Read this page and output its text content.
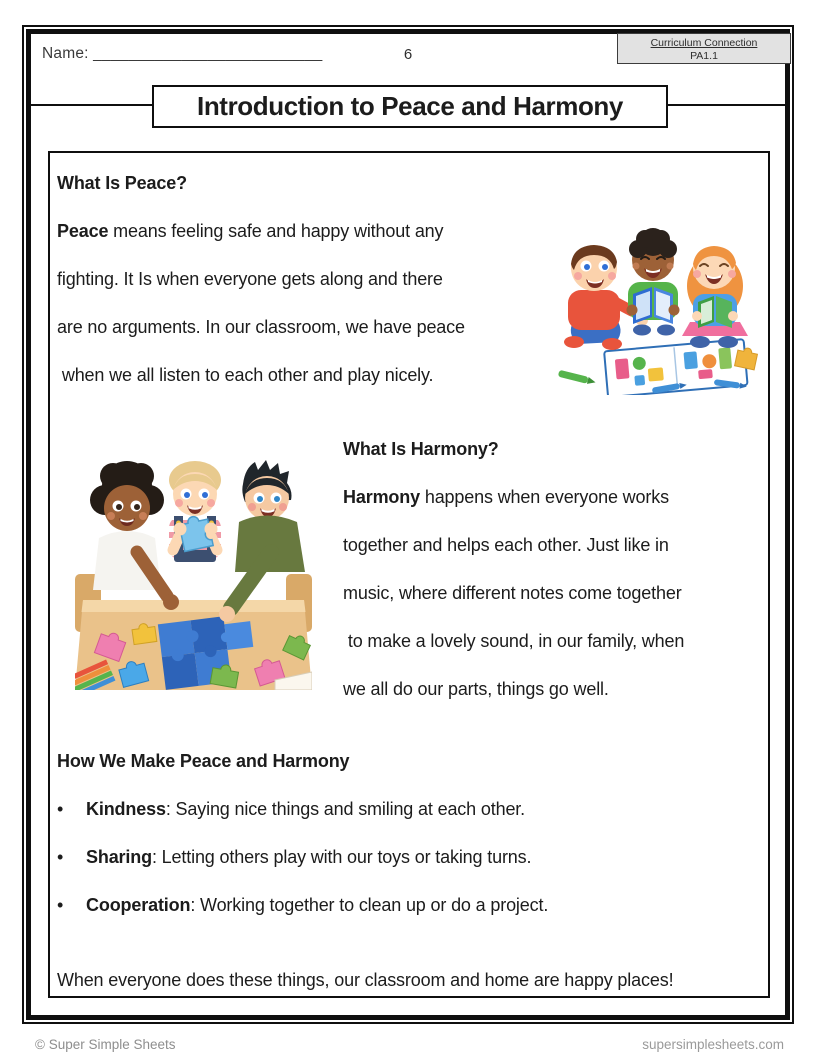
Name: __________________________	6
Curriculum Connection
PA1.1
Introduction to Peace and Harmony
What Is Peace?
Peace means feeling safe and happy without any
fighting. It Is when everyone gets along and there
are no arguments. In our classroom, we have peace
when we all listen to each other and play nicely.
What Is Harmony?
Harmony happens when everyone works
together and helps each other. Just like in
music, where different notes come together
to make a lovely sound, in our family, when
we all do our parts, things go well.
How We Make Peace and Harmony
• Kindness: Saying nice things and smiling at each other.
• Sharing: Letting others play with our toys or taking turns.
• Cooperation: Working together to clean up or do a project.
When everyone does these things, our classroom and home are happy places!
© Super Simple Sheets	supersimplesheets.com
